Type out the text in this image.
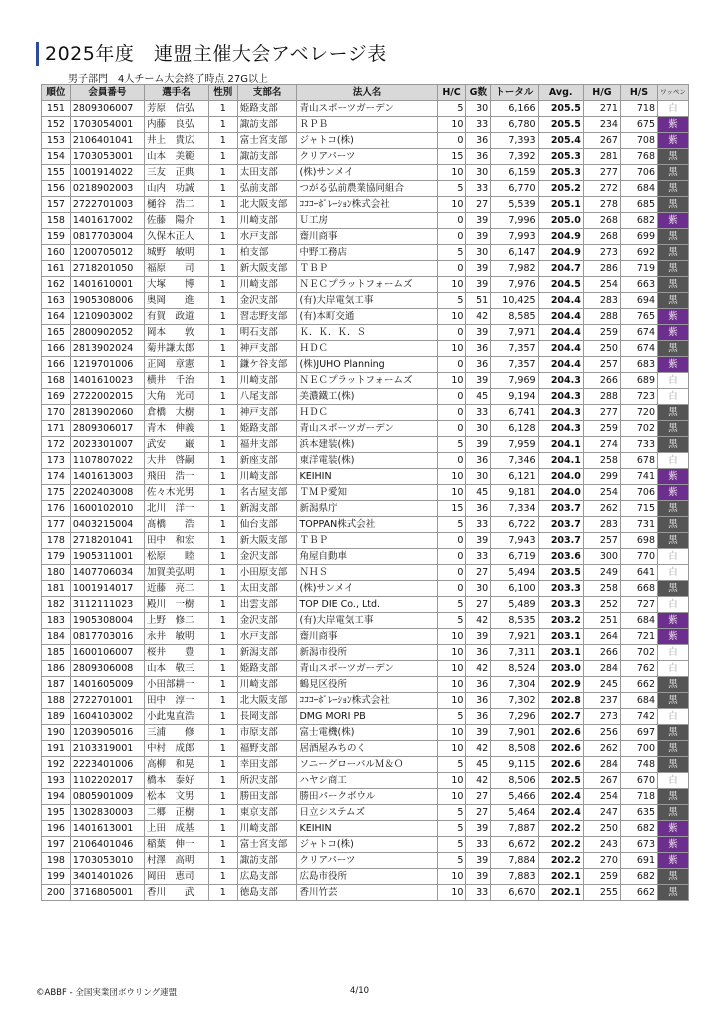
2025年度　連盟主催大会アベレージ表
男子部門　4人チーム大会終了時点 27G以上
順位	会員番号	選手名	性別	支部名	法人名	H/C	G数	トータル	Avg.	H/G	H/S	ワッペン
151	2809306007	芳原　信弘	1	姫路支部	青山スポーツガーデン	5	30	6,166	205.5	271	718	白
152	1703054001	内藤　良弘	1	諏訪支部	ＲＰＢ	10	33	6,780	205.5	234	675	紫
153	2106401041	井上　貴広	1	富士宮支部	ジャトコ(株)	0	36	7,393	205.4	267	708	紫
154	1703053001	山本　美範	1	諏訪支部	クリアパーツ	15	36	7,392	205.3	281	768	黒
155	1001914022	三友　正典	1	太田支部	(株)サンメイ	10	30	6,159	205.3	277	706	黒
156	0218902003	山内　功誠	1	弘前支部	つがる弘前農業協同組合	5	33	6,770	205.2	272	684	黒
157	2722701003	樋谷　浩二	1	北大阪支部	ｺｺｺｰﾎﾟﾚｰｼｮﾝ株式会社	10	27	5,539	205.1	278	685	黒
158	1401617002	佐藤　陽介	1	川崎支部	Ｕ工房	0	39	7,996	205.0	268	682	紫
159	0817703004	久保木正人	1	水戸支部	齋川商事	0	39	7,993	204.9	268	699	黒
160	1200705012	城野　敏明	1	柏支部	中野工務店	5	30	6,147	204.9	273	692	黒
161	2718201050	福原　　司	1	新大阪支部	ＴＢＰ	0	39	7,982	204.7	286	719	黒
162	1401610001	大塚　　博	1	川崎支部	ＮＥＣプラットフォームズ	10	39	7,976	204.5	254	663	黒
163	1905308006	奥岡　　進	1	金沢支部	(有)大岸電気工事	5	51	10,425	204.4	283	694	黒
164	1210903002	有賀　政道	1	習志野支部	(有)本町交通	10	42	8,585	204.4	288	765	紫
165	2800902052	岡本　　敦	1	明石支部	Ｋ．Ｋ．Ｋ．Ｓ	0	39	7,971	204.4	259	674	紫
166	2813902024	菊井謙太郎	1	神戸支部	ＨＤＣ	10	36	7,357	204.4	250	674	黒
166	1219701006	正岡　章憲	1	鎌ケ谷支部	(株)JUHO Planning	0	36	7,357	204.4	257	683	紫
168	1401610023	横井　千治	1	川崎支部	ＮＥＣプラットフォームズ	10	39	7,969	204.3	266	689	白
169	2722002015	大角　光司	1	八尾支部	美濃鐵工(株)	0	45	9,194	204.3	288	723	白
170	2813902060	倉橋　大樹	1	神戸支部	ＨＤＣ	0	33	6,741	204.3	277	720	黒
171	2809306017	青木　伸義	1	姫路支部	青山スポーツガーデン	0	30	6,128	204.3	259	702	黒
172	2023301007	武安　　巌	1	福井支部	浜本建装(株)	5	39	7,959	204.1	274	733	黒
173	1107807022	大井　啓嗣	1	新座支部	東洋電装(株)	0	36	7,346	204.1	258	678	白
174	1401613003	飛田　浩一	1	川崎支部	KEIHIN	10	30	6,121	204.0	299	741	紫
175	2202403008	佐々木光男	1	名古屋支部	ＴＭＰ愛知	10	45	9,181	204.0	254	706	紫
176	1600102010	北川　洋一	1	新潟支部	新潟県庁	15	36	7,334	203.7	262	715	黒
177	0403215004	髙橋　　浩	1	仙台支部	TOPPAN株式会社	5	33	6,722	203.7	283	731	黒
178	2718201041	田中　和宏	1	新大阪支部	ＴＢＰ	0	39	7,943	203.7	257	698	黒
179	1905311001	松原　　睦	1	金沢支部	角屋自動車	0	33	6,719	203.6	300	770	白
180	1407706034	加賀美弘明	1	小田原支部	ＮＨＳ	0	27	5,494	203.5	249	641	白
181	1001914017	近藤　亮二	1	太田支部	(株)サンメイ	0	30	6,100	203.3	258	668	黒
182	3112111023	殿川　一樹	1	出雲支部	TOP DIE Co., Ltd.	5	27	5,489	203.3	252	727	白
183	1905308004	上野　修二	1	金沢支部	(有)大岸電気工事	5	42	8,535	203.2	251	684	紫
184	0817703016	永井　敏明	1	水戸支部	齋川商事	10	39	7,921	203.1	264	721	紫
185	1600106007	桜井　　豊	1	新潟支部	新潟市役所	10	36	7,311	203.1	266	702	白
186	2809306008	山本　敬三	1	姫路支部	青山スポーツガーデン	10	42	8,524	203.0	284	762	白
187	1401605009	小田部耕一	1	川崎支部	鶴見区役所	10	36	7,304	202.9	245	662	黒
188	2722701001	田中　淳一	1	北大阪支部	ｺｺｺｰﾎﾟﾚｰｼｮﾝ株式会社	10	36	7,302	202.8	237	684	黒
189	1604103002	小此鬼直浩	1	長岡支部	DMG MORI PB	5	36	7,296	202.7	273	742	白
190	1203905016	三浦　　修	1	市原支部	富士電機(株)	10	39	7,901	202.6	256	697	黒
191	2103319001	中村　成郎	1	福野支部	居酒屋みちのく	10	42	8,508	202.6	262	700	黒
192	2223401006	高柳　和晃	1	幸田支部	ソニーグローバルＭ＆Ｏ	5	45	9,115	202.6	284	748	黒
193	1102202017	橋本　泰好	1	所沢支部	ハヤシ商工	10	42	8,506	202.5	267	670	白
194	0805901009	松本　文男	1	勝田支部	勝田パークボウル	10	27	5,466	202.4	254	718	黒
195	1302830003	二郷　正樹	1	東京支部	日立システムズ	5	27	5,464	202.4	247	635	黒
196	1401613001	上田　成基	1	川崎支部	KEIHIN	5	39	7,887	202.2	250	682	紫
197	2106401046	稲葉　伸一	1	富士宮支部	ジャトコ(株)	5	33	6,672	202.2	243	673	紫
198	1703053010	村澤　高明	1	諏訪支部	クリアパーツ	5	39	7,884	202.2	270	691	紫
199	3401401026	岡田　恵司	1	広島支部	広島市役所	10	39	7,883	202.1	259	682	黒
200	3716805001	香川　　武	1	徳島支部	香川竹芸	10	33	6,670	202.1	255	662	黒
©ABBF - 全国実業団ボウリング連盟	4/10
